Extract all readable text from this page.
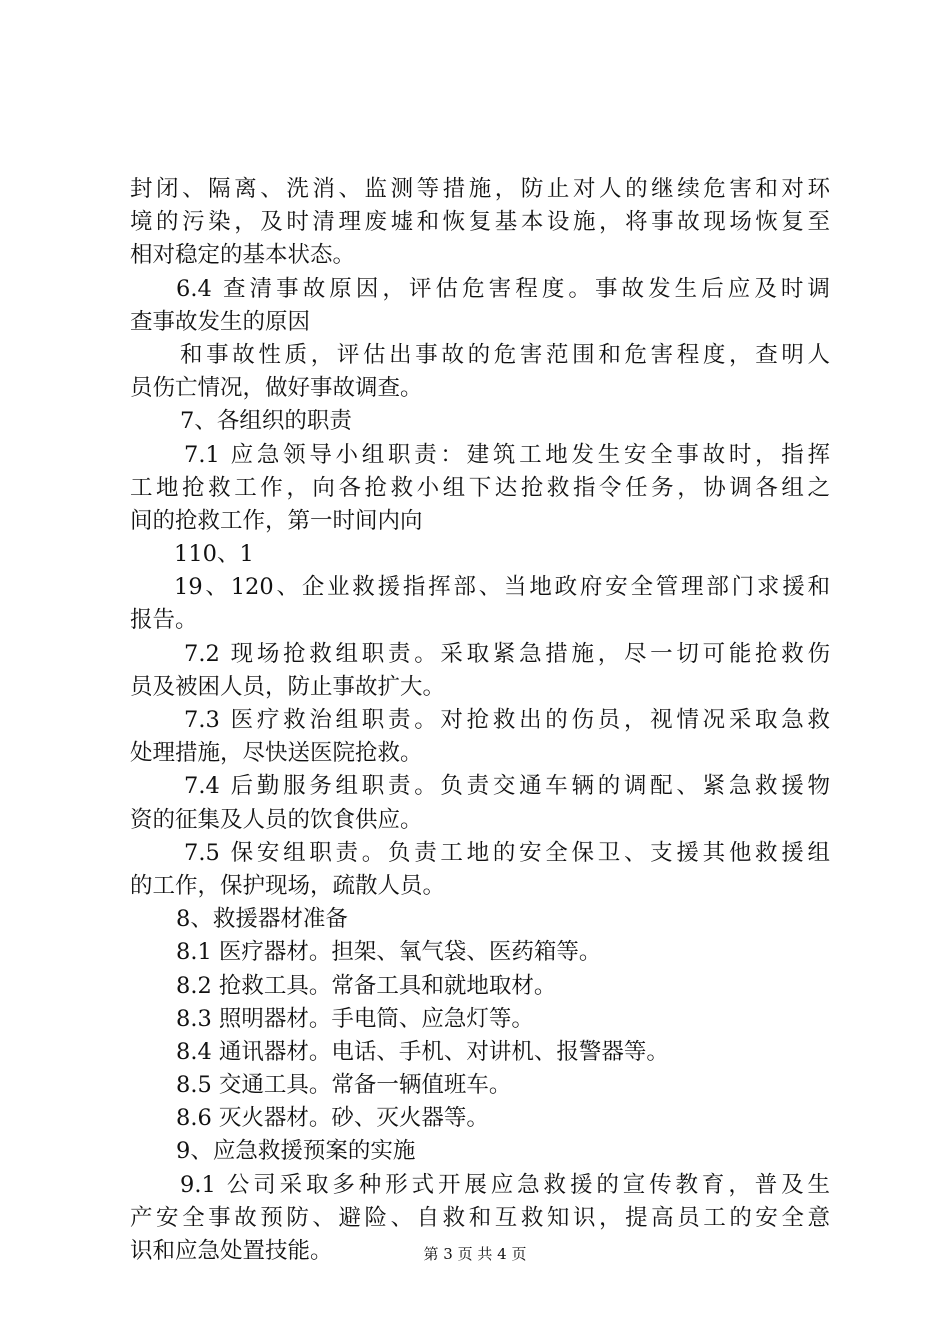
封闭、隔离、洗消、监测等措施，防止对人的继续危害和对环
境的污染，及时清理废墟和恢复基本设施，将事故现场恢复至
相对稳定的基本状态。
6.4 查清事故原因，评估危害程度。事故发生后应及时调
查事故发生的原因
和事故性质，评估出事故的危害范围和危害程度，查明人
员伤亡情况，做好事故调查。
7、各组织的职责
7.1 应急领导小组职责：建筑工地发生安全事故时，指挥
工地抢救工作，向各抢救小组下达抢救指令任务，协调各组之
间的抢救工作，第一时间内向
110、1
19、120、企业救援指挥部、当地政府安全管理部门求援和
报告。
7.2 现场抢救组职责。采取紧急措施，尽一切可能抢救伤
员及被困人员，防止事故扩大。
7.3 医疗救治组职责。对抢救出的伤员，视情况采取急救
处理措施，尽快送医院抢救。
7.4 后勤服务组职责。负责交通车辆的调配、紧急救援物
资的征集及人员的饮食供应。
7.5 保安组职责。负责工地的安全保卫、支援其他救援组
的工作，保护现场，疏散人员。
8、救援器材准备
8.1 医疗器材。担架、氧气袋、医药箱等。
8.2 抢救工具。常备工具和就地取材。
8.3 照明器材。手电筒、应急灯等。
8.4 通讯器材。电话、手机、对讲机、报警器等。
8.5 交通工具。常备一辆值班车。
8.6 灭火器材。砂、灭火器等。
9、应急救援预案的实施
9.1 公司采取多种形式开展应急救援的宣传教育，普及生
产安全事故预防、避险、自救和互救知识，提高员工的安全意
识和应急处置技能。	第 3 页 共 4 页
